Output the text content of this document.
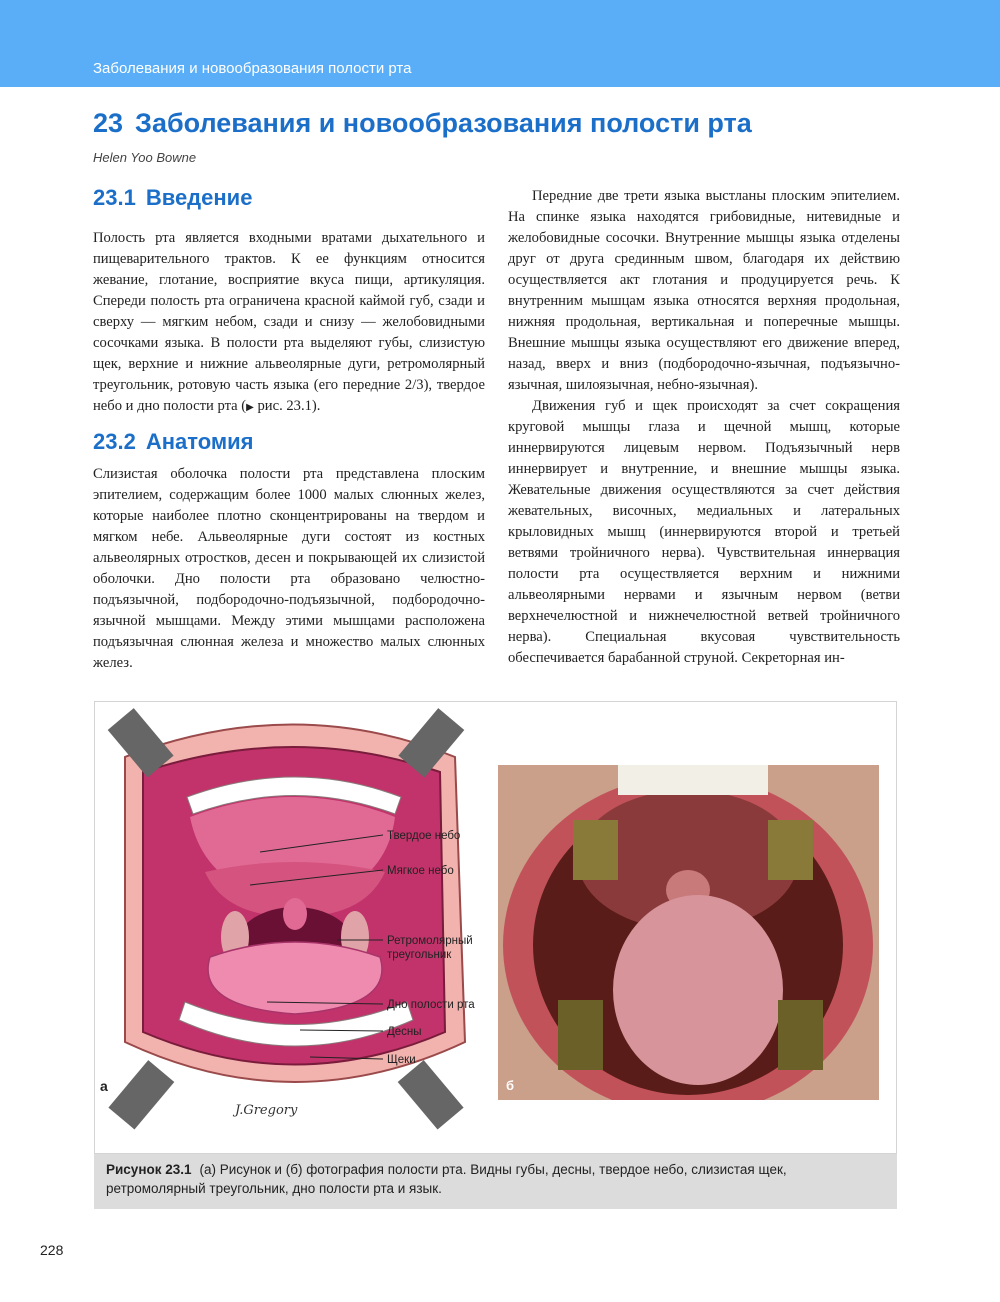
Заболевания и новообразования полости рта
23 Заболевания и новообразования полости рта
Helen Yoo Bowne
23.1 Введение

Полость рта является входными вратами дыхательного и пищеварительного трактов. К ее функциям относится жевание, глотание, восприятие вкуса пищи, артикуляция. Спереди полость рта ограничена красной каймой губ, сзади и сверху — мягким небом, сзади и снизу — желобовидными сосочками языка. В полости рта выделяют губы, слизистую щек, верхние и нижние альвеолярные дуги, ретромолярный треугольник, ротовую часть языка (его передние 2/3), твердое небо и дно полости рта (▶ рис. 23.1).

23.2 Анатомия

Слизистая оболочка полости рта представлена плоским эпителием, содержащим более 1000 малых слюнных желез, которые наиболее плотно сконцентрированы на твердом и мягком небе. Альвеолярные дуги состоят из костных альвеолярных отростков, десен и покрывающей их слизистой оболочки. Дно полости рта образовано челюстно-подъязычной, подбородочно-подъязычной, подбородочно-язычной мышцами. Между этими мышцами расположена подъязычная слюнная железа и множество малых слюнных желез.

Передние две трети языка выстланы плоским эпителием. На спинке языка находятся грибовидные, нитевидные и желобовидные сосочки. Внутренние мышцы языка отделены друг от друга срединным швом, благодаря их действию осуществляется акт глотания и продуцируется речь. К внутренним мышцам языка относятся верхняя продольная, нижняя продольная, вертикальная и поперечные мышцы. Внешние мышцы языка осуществляют его движение вперед, назад, вверх и вниз (подбородочно-язычная, подъязычно-язычная, шилоязычная, небно-язычная).

Движения губ и щек происходят за счет сокращения круговой мышцы глаза и щечной мышц, которые иннервируются лицевым нервом. Подъязычный нерв иннервирует и внутренние, и внешние мышцы языка. Жевательные движения осуществляются за счет действия жевательных, височных, медиальных и латеральных крыловидных мышц (иннервируются второй и третьей ветвями тройничного нерва). Чувствительная иннервация полости рта осуществляется верхним и нижними альвеолярными нервами и язычным нервом (ветви верхнечелюстной и нижнечелюстной ветвей тройничного нерва). Специальная вкусовая чувствительность обеспечивается барабанной струной. Секреторная ин-

Твердое небо
Мягкое небо
Ретромолярный
треугольник
Дно полости рта
Десны
Щеки
а
J.Gregory
б
Рисунок 23.1 (а) Рисунок и (б) фотография полости рта. Видны губы, десны, твердое небо, слизистая щек, ретромолярный треугольник, дно полости рта и язык.
228
